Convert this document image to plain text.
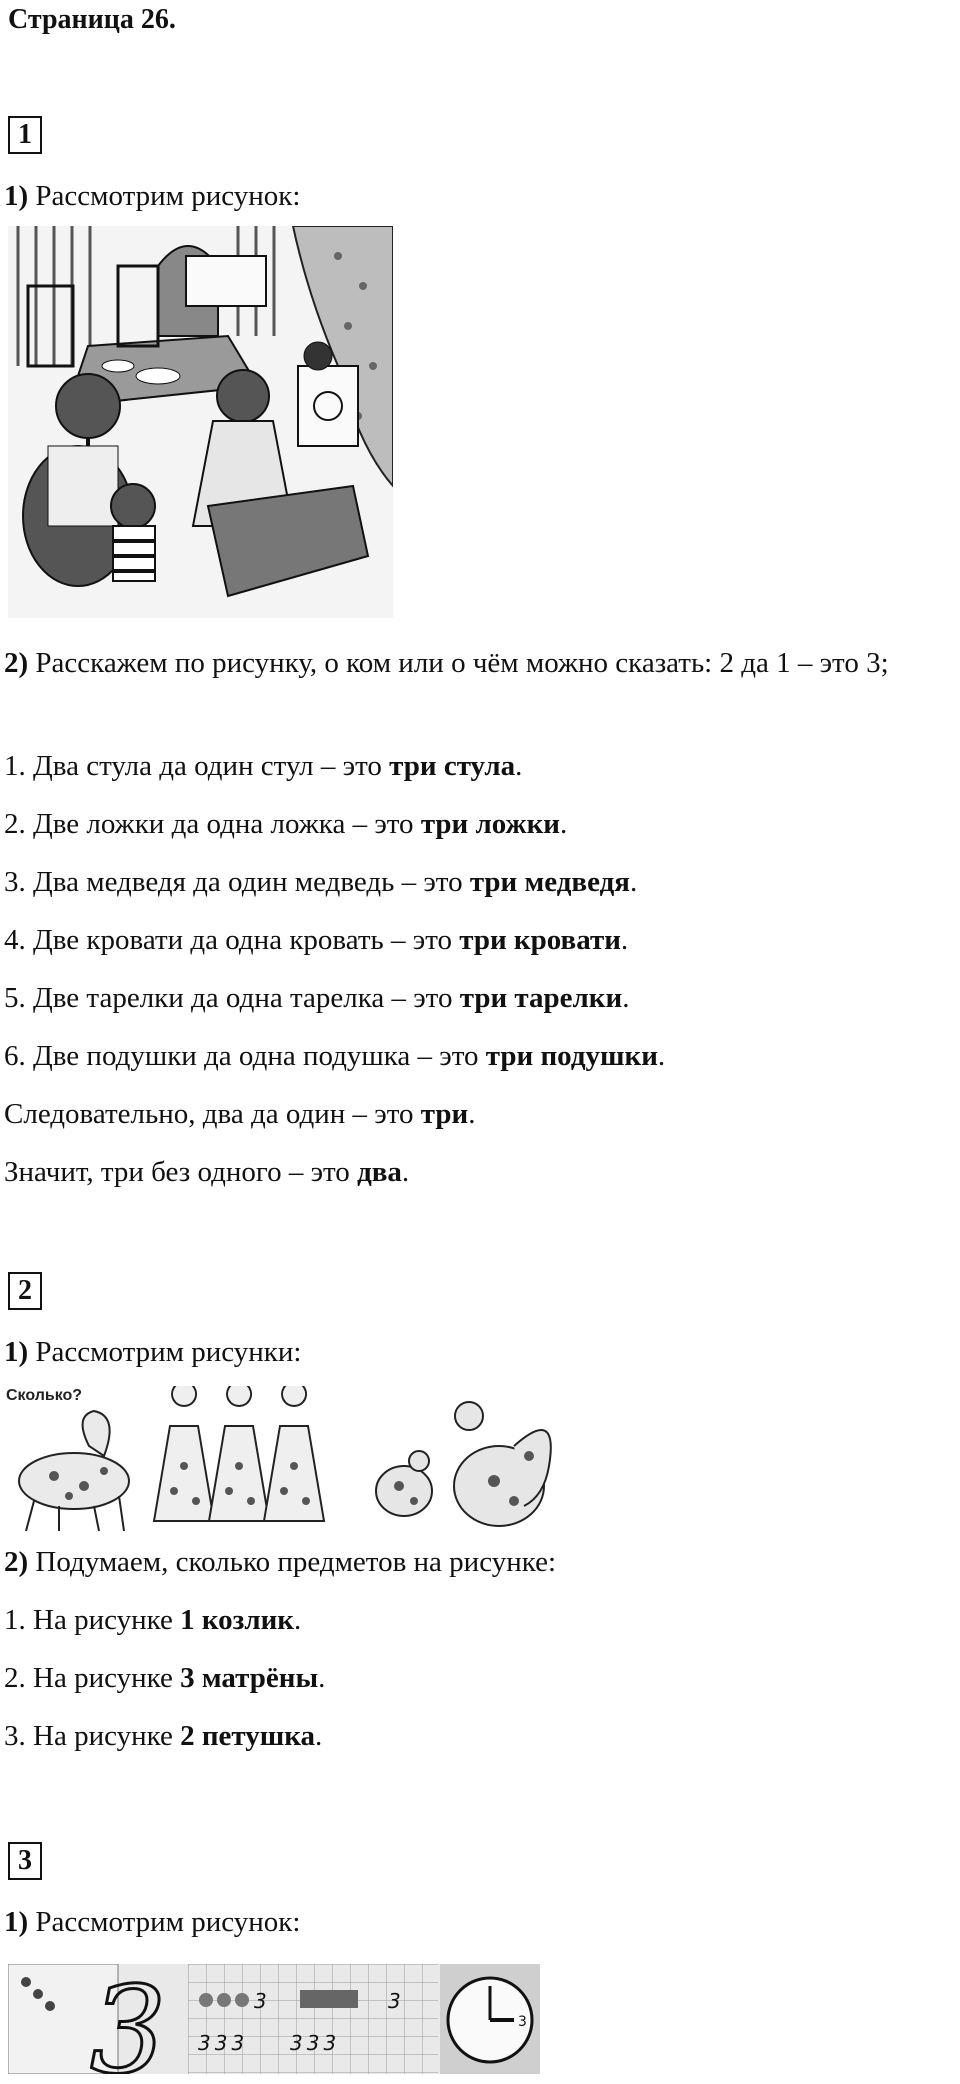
Страница 26.
1
1) Рассмотрим рисунок:
2) Расскажем по рисунку, о ком или о чём можно сказать: 2 да 1 – это 3;
1. Два стула да один стул – это три стула.
2. Две ложки да одна ложка – это три ложки.
3. Два медведя да один медведь – это три медведя.
4. Две кровати да одна кровать – это три кровати.
5. Две тарелки да одна тарелка – это три тарелки.
6. Две подушки да одна подушка – это три подушки.
Следовательно, два да один – это три.
Значит, три без одного – это два.
2
1) Рассмотрим рисунки:
Сколько?
2) Подумаем, сколько предметов на рисунке:
1. На рисунке 1 козлик.
2. На рисунке 3 матрёны.
3. На рисунке 2 петушка.
3
1) Рассмотрим рисунок:
3	3	3
333 333
3
